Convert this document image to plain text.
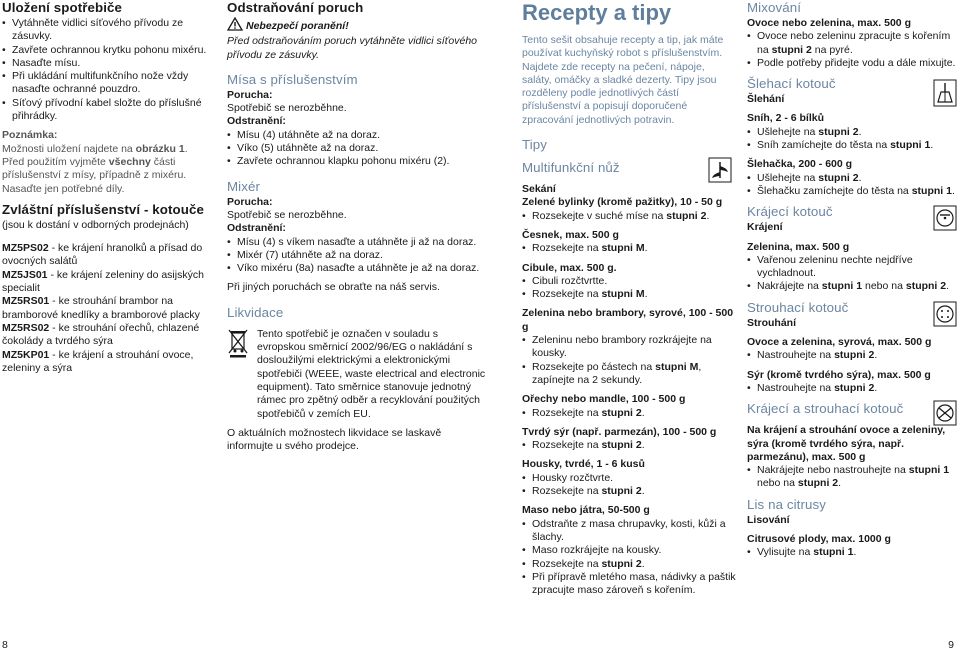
Uložení spotřebiče
• Vytáhněte vidlici síťového přívodu ze zásuvky.
• Zavřete ochrannou krytku pohonu mixéru.
• Nasaďte mísu.
• Při ukládání multifunkčního nože vždy nasaďte ochranné pouzdro.
• Síťový přívodní kabel složte do příslušné přihrádky.

Poznámka:

Možnosti uložení najdete na obrázku 1.

Před použitím vyjměte všechny části příslušenství z mísy, případně z mixéru.

Nasaďte jen potřebné díly.

Zvláštní příslušenství - kotouče

(jsou k dostání v odborných prodejnách)

MZ5PS02 - ke krájení hranolků a přísad do ovocných salátů

MZ5JS01 - ke krájení zeleniny do asijských specialit

MZ5RS01 - ke strouhání brambor na bramborové knedlíky a bramborové placky

MZ5RS02 - ke strouhání ořechů, chlazené čokolády a tvrdého sýra

MZ5KP01 - ke krájení a strouhání ovoce, zeleniny a sýra

8
Odstraňování poruch
Nebezpečí poranění!

Před odstraňováním poruch vytáhněte vidlici síťového přívodu ze zásuvky.

Mísa s příslušenstvím

Porucha:

Spotřebič se nerozběhne.

Odstranění:

• Mísu (4) utáhněte až na doraz.
• Víko (5) utáhněte až na doraz.
• Zavřete ochrannou klapku pohonu mixéru (2).
Mixér

Porucha:

Spotřebič se nerozběhne.

Odstranění:

• Mísu (4) s víkem nasaďte a utáhněte ji až na doraz.
• Mixér (7) utáhněte až na doraz.
• Víko mixéru (8a) nasaďte a utáhněte je až na doraz.

Při jiných poruchách se obraťte na náš servis.

Likvidace

Tento spotřebič je označen v souladu s evropskou směrnicí 2002/96/EG o nakládání s dosloužilými elektrickými a elektronickými spotřebiči (WEEE, waste electrical and electronic equipment). Tato směrnice stanovuje jednotný rámec pro zpětný odběr a recyklování použitých spotřebičů v zemích EU.

O aktuálních možnostech likvidace se laskavě informujte u svého prodejce.

Recepty a tipy

Tento sešit obsahuje recepty a tip, jak máte používat kuchyňský robot s příslušenstvím. Najdete zde recepty na pečení, nápoje, saláty, omáčky a sladké dezerty. Tipy jsou rozděleny podle jednotlivých částí příslušenství a popisují doporučené zpracování jednotlivých potravin.

Tipy
Multifunkční nůž

Sekání

Zelené bylinky (kromě pažitky), 10 - 50 g

• Rozsekejte v suché míse na stupni 2.

Česnek, max. 500 g

• Rozsekejte na stupni M.

Cibule, max. 500 g.

• Cibuli rozčtvrtte.
• Rozsekejte na stupni M.

Zelenina nebo brambory, syrové, 100 - 500 g

• Zeleninu nebo brambory rozkrájejte na kousky.
• Rozsekejte po částech na stupni M, zapínejte na 2 sekundy.

Ořechy nebo mandle, 100 - 500 g

• Rozsekejte na stupni 2.

Tvrdý sýr (např. parmezán), 100 - 500 g

• Rozsekejte na stupni 2.

Housky, tvrdé, 1 - 6 kusů

• Housky rozčtvrte.
• Rozsekejte na stupni 2.

Maso nebo játra, 50-500 g

• Odstraňte z masa chrupavky, kosti, kůži a šlachy.
• Maso rozkrájejte na kousky.
• Rozsekejte na stupni 2.
• Při přípravě mletého masa, nádivky a paštik zpracujte maso zároveň s kořením.
Mixování

Ovoce nebo zelenina, max. 500 g

• Ovoce nebo zeleninu zpracujte s kořením na stupni 2 na pyré.
• Podle potřeby přidejte vodu a dále mixujte.
Šlehací kotouč

Šlehání

Sníh, 2 - 6 bílků

• Ušlehejte na stupni 2.
• Sníh zamíchejte do těsta na stupni 1.

Šlehačka, 200 - 600 g

• Ušlehejte na stupni 2.
• Šlehačku zamíchejte do těsta na stupni 1.
Krájecí kotouč

Krájení

Zelenina, max. 500 g

• Vařenou zeleninu nechte nejdříve vychladnout.
• Nakrájejte na stupni 1 nebo na stupni 2.
Strouhací kotouč

Strouhání

Ovoce a zelenina, syrová, max. 500 g

• Nastrouhejte na stupni 2.

Sýr (kromě tvrdého sýra), max. 500 g

• Nastrouhejte na stupni 2.
Krájecí a strouhací kotouč

Na krájení a strouhání ovoce a zeleniny, sýra (kromě tvrdého sýra, např. parmezánu), max. 500 g

• Nakrájejte nebo nastrouhejte na stupni 1 nebo na stupni 2.
Lis na citrusy

Lisování

Citrusové plody, max. 1000 g

• Vylisujte na stupni 1.
9
